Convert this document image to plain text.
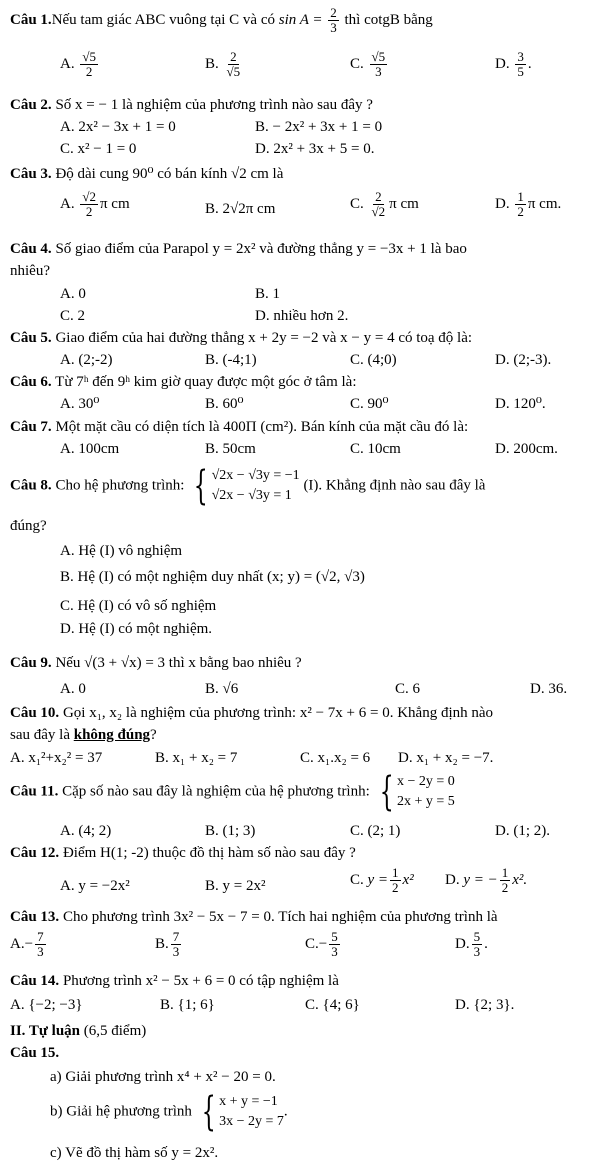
Câu 1.Nếu tam giác ABC vuông tại C và có $\sin A = \frac{2}{3}$ thì cotgB bằng
A. $\frac{√5}{2}$	B. $\frac{2}{√5}$	C. $\frac{√5}{3}$	D. $\frac{3}{5}$ .
Câu 2. Số x = − 1 là nghiệm của phương trình nào sau đây ?
A. 2x² − 3x + 1 = 0	B. − 2x² + 3x + 1 = 0
C. x² − 1 = 0	D. 2x² + 3x + 5 = 0.
Câu 3. Độ dài cung 90⁰ có bán kính √2 cm là
A. $\frac{√2}{2}$ π cm	B. 2√2π cm	C. $\frac{2}{√2}$ π cm	D. $\frac{1}{2}$ π cm.
Câu 4. Số giao điểm của Parapol y = 2x² và đường thẳng y = −3x + 1 là bao
nhiêu?
A. 0	B. 1
C. 2	D. nhiều hơn 2.
Câu 5. Giao điểm của hai đường thẳng x + 2y = −2 và x − y = 4 có toạ độ là:
A. (2;-2)	B. (-4;1)	C. (4;0)	D. (2;-3).
Câu 6. Từ 7ʰ đến 9ʰ kim giờ quay được một góc ở tâm là:
A. 30⁰	B. 60⁰	C. 90⁰	D. 120⁰.
Câu 7. Một mặt cầu có diện tích là 400Π (cm²). Bán kính của mặt cầu đó là:
A. 100cm	B. 50cm	C. 10cm	D. 200cm.
Câu 8. Cho hệ phương trình: { √2x − √3y = −1
√2x − √3y = 1
(I). Khẳng định nào sau đây là
đúng?
A. Hệ (I) vô nghiệm
B. Hệ (I) có một nghiệm duy nhất (x; y) = (√2, √3)
C. Hệ (I) có vô số nghiệm
D. Hệ (I) có một nghiệm.
Câu 9. Nếu √(3 + √x) = 3 thì x bằng bao nhiêu ?
A. 0	B. √6	C. 6	D. 36.
Câu 10. Gọi x₁, x₂ là nghiệm của phương trình: x² − 7x + 6 = 0. Khẳng định nào
sau đây là không đúng?
A. x₁²+x₂² = 37	B. x₁ + x₂ = 7	C. x₁.x₂ = 6 D. x₁ + x₂ = −7.
Câu 11. Cặp số nào sau đây là nghiệm của hệ phương trình: { x − 2y = 0
2x + y = 5
A. (4; 2)	B. (1; 3)	C. (2; 1)	D. (1; 2).
Câu 12. Điểm H(1; -2) thuộc đồ thị hàm số nào sau đây ?
A. y = −2x²	B. y = 2x²	C. $y = \frac{1}{2} x^2$ D. y = − $\frac{1}{2} x^2$.
Câu 13. Cho phương trình 3x² − 5x − 7 = 0. Tích hai nghiệm của phương trình là
$A.- \frac{7}{3}$	B. $\frac{7}{3}$	$C.- \frac{5}{3}$	D. $\frac{5}{3}$ .
Câu 14. Phương trình x² − 5x + 6 = 0 có tập nghiệm là
A. {−2; −3}	B. {1; 6}	C. {4; 6}	D. {2; 3}.
II. Tự luận (6,5 điểm)
Câu 15.
a) Giải phương trình x⁴ + x² − 20 = 0.
b) Giải hệ phương trình { x + y = −1
3x − 2y = 7
.
c) Vẽ đồ thị hàm số y = 2x².
